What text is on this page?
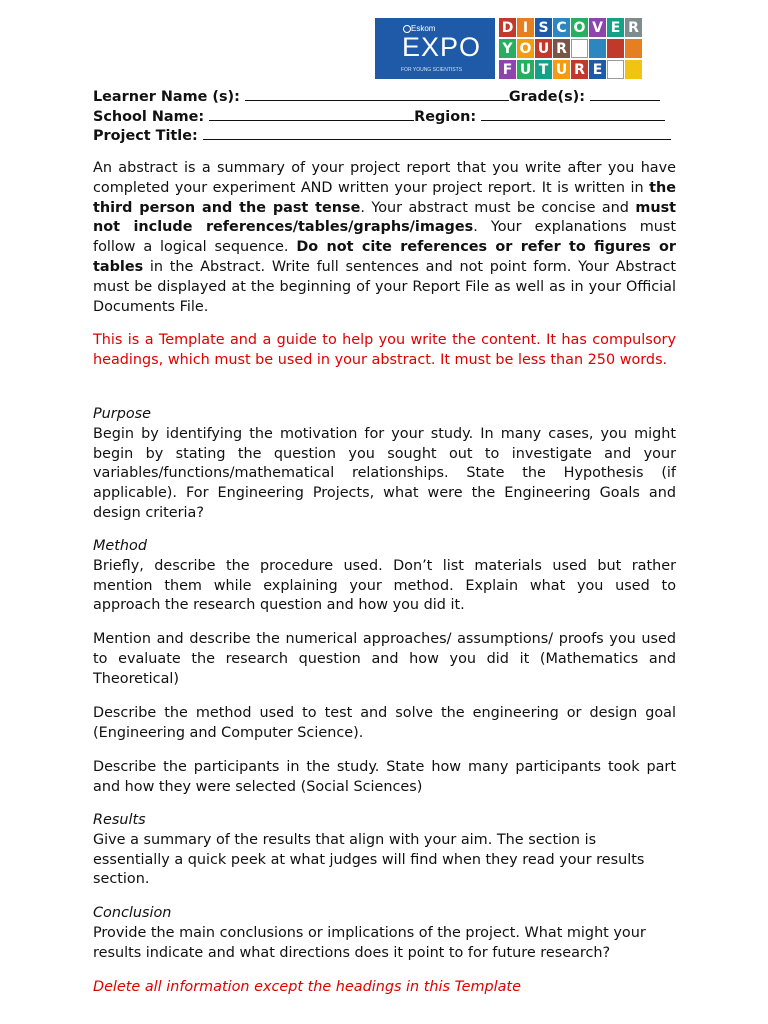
Eskom
EXPO
FOR YOUNG SCIENTISTS
D I S C O V E R
Y O U R
F U T U R E
Learner Name (s):	Grade(s):
School Name:	Region:
Project Title:

An abstract is a summary of your project report that you write after you have completed your experiment AND written your project report. It is written in the third person and the past tense. Your abstract must be concise and must not include references/tables/graphs/images. Your explanations must follow a logical sequence. Do not cite references or refer to figures or tables in the Abstract. Write full sentences and not point form. Your Abstract must be displayed at the beginning of your Report File as well as in your Official Documents File.

This is a Template and a guide to help you write the content. It has compulsory headings, which must be used in your abstract. It must be less than 250 words.

Purpose

Begin by identifying the motivation for your study. In many cases, you might begin by stating the question you sought out to investigate and your variables/functions/mathematical relationships. State the Hypothesis (if applicable). For Engineering Projects, what were the Engineering Goals and design criteria?

Method

Briefly, describe the procedure used. Don’t list materials used but rather mention them while explaining your method. Explain what you used to approach the research question and how you did it.

Mention and describe the numerical approaches/ assumptions/ proofs you used to evaluate the research question and how you did it (Mathematics and Theoretical)

Describe the method used to test and solve the engineering or design goal (Engineering and Computer Science).

Describe the participants in the study. State how many participants took part and how they were selected (Social Sciences)

Results

Give a summary of the results that align with your aim. The section is essentially a quick peek at what judges will find when they read your results section.

Conclusion

Provide the main conclusions or implications of the project. What might your results indicate and what directions does it point to for future research?

Delete all information except the headings in this Template
